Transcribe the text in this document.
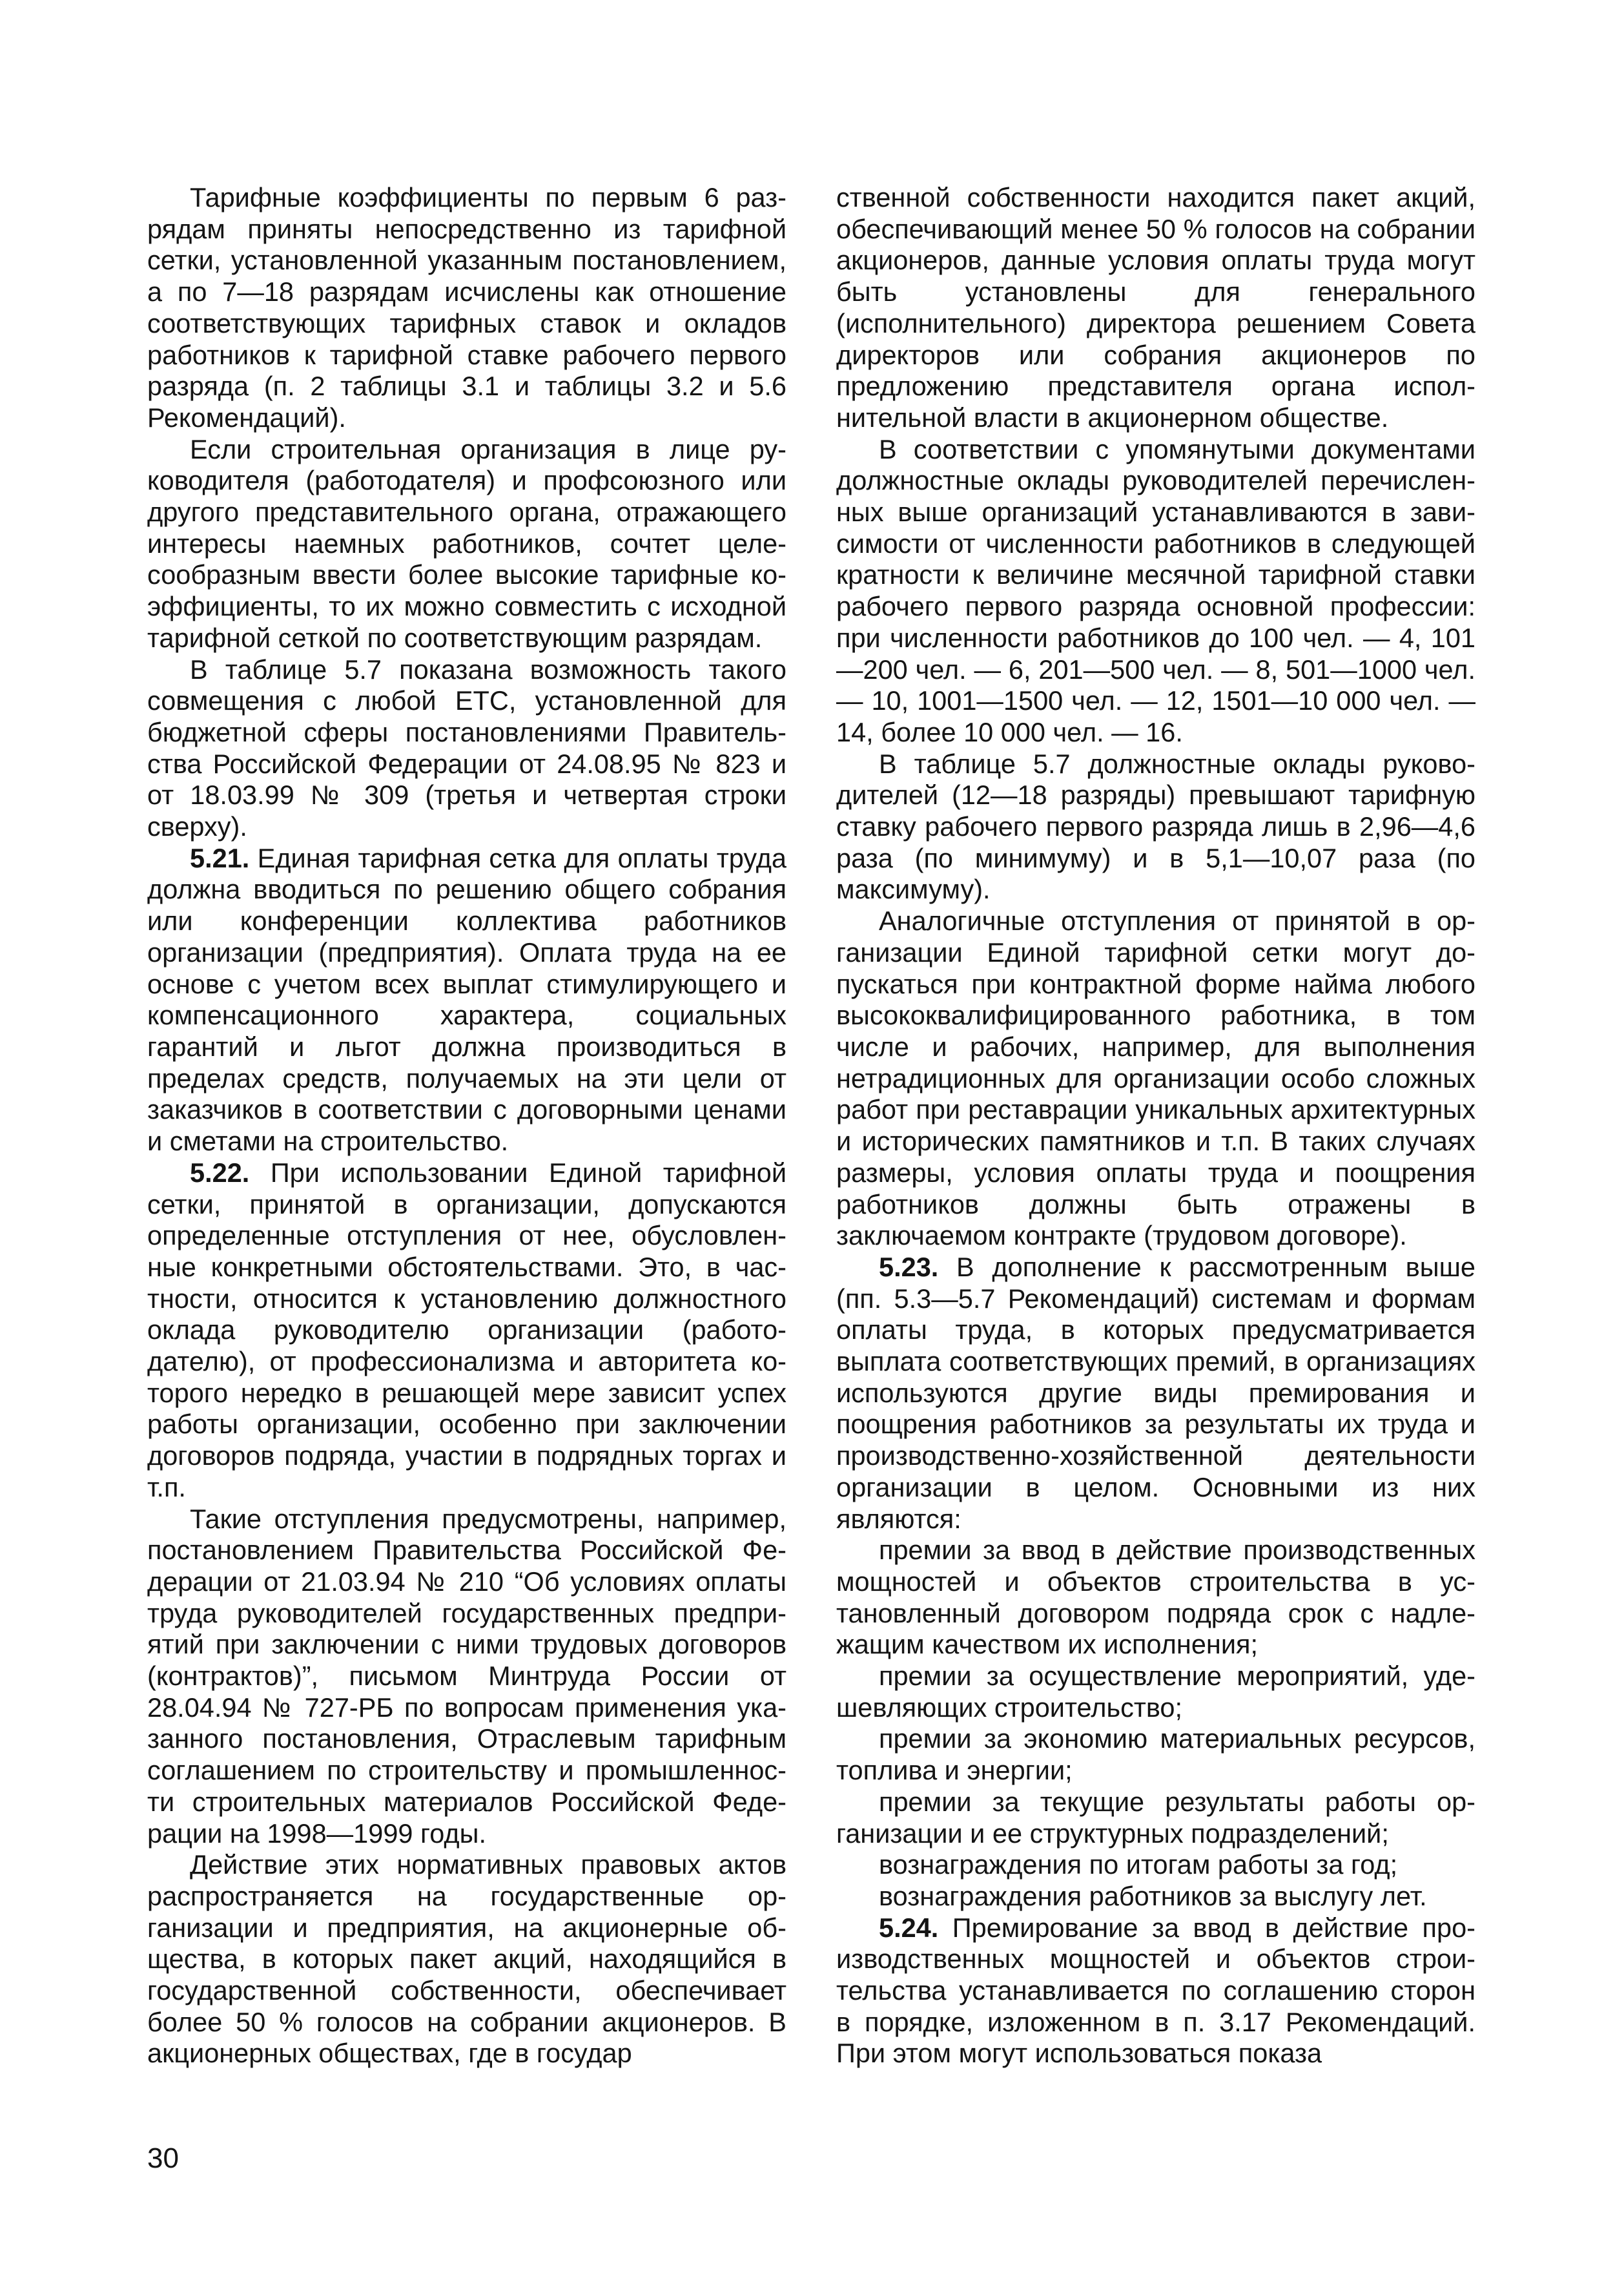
Тарифные коэффициенты по первым 6 разрядам приняты непосредственно из тарифной сетки, установленной указанным постановлением, а по 7—18 разрядам исчислены как отношение соответствующих тарифных ставок и окладов работников к тарифной ставке рабочего первого разряда (п. 2 таблицы 3.1 и таблицы 3.2 и 5.6 Рекомендаций).

Если строительная организация в лице руководителя (работодателя) и профсоюзного или другого представительного органа, отражающего интересы наемных работников, сочтет целесообразным ввести более высокие тарифные коэффициенты, то их можно совместить с исходной тарифной сеткой по соответствующим разрядам.

В таблице 5.7 показана возможность такого совмещения с любой ЕТС, установленной для бюджетной сферы постановлениями Правительства Российской Федерации от 24.08.95 № 823 и от 18.03.99 № 309 (третья и четвертая строки сверху).

5.21. Единая тарифная сетка для оплаты труда должна вводиться по решению общего собрания или конференции коллектива работников организации (предприятия). Оплата труда на ее основе с учетом всех выплат стимулирующего и компенсационного характера, социальных гарантий и льгот должна производиться в пределах средств, получаемых на эти цели от заказчиков в соответствии с договорными ценами и сметами на строительство.

5.22. При использовании Единой тарифной сетки, принятой в организации, допускаются определенные отступления от нее, обусловленные конкретными обстоятельствами. Это, в частности, относится к установлению должностного оклада руководителю организации (работодателю), от профессионализма и авторитета которого нередко в решающей мере зависит успех работы организации, особенно при заключении договоров подряда, участии в подрядных торгах и т.п.

Такие отступления предусмотрены, например, постановлением Правительства Российской Федерации от 21.03.94 № 210 “Об условиях оплаты труда руководителей государственных предприятий при заключении с ними трудовых договоров (контрактов)”, письмом Минтруда России от 28.04.94 № 727-РБ по вопросам применения указанного постановления, Отраслевым тарифным соглашением по строительству и промышленности строительных материалов Российской Федерации на 1998—1999 годы.

Действие этих нормативных правовых актов распространяется на государственные организации и предприятия, на акционерные общества, в которых пакет акций, находящийся в государственной собственности, обеспечивает более 50 % голосов на собрании акционеров. В акционерных обществах, где в государ

ственной собственности находится пакет акций, обеспечивающий менее 50 % голосов на собрании акционеров, данные условия оплаты труда могут быть установлены для генерального (исполнительного) директора решением Совета директоров или собрания акционеров по предложению представителя органа исполнительной власти в акционерном обществе.

В соответствии с упомянутыми документами должностные оклады руководителей перечисленных выше организаций устанавливаются в зависимости от численности работников в следующей кратности к величине месячной тарифной ставки рабочего первого разряда основной профессии: при численности работников до 100 чел. — 4, 101—200 чел. — 6, 201—500 чел. — 8, 501—1000 чел. — 10, 1001—1500 чел. — 12, 1501—10 000 чел. — 14, более 10 000 чел. — 16.

В таблице 5.7 должностные оклады руководителей (12—18 разряды) превышают тарифную ставку рабочего первого разряда лишь в 2,96—4,6 раза (по минимуму) и в 5,1—10,07 раза (по максимуму).

Аналогичные отступления от принятой в организации Единой тарифной сетки могут допускаться при контрактной форме найма любого высококвалифицированного работника, в том числе и рабочих, например, для выполнения нетрадиционных для организации особо сложных работ при реставрации уникальных архитектурных и исторических памятников и т.п. В таких случаях размеры, условия оплаты труда и поощрения работников должны быть отражены в заключаемом контракте (трудовом договоре).

5.23. В дополнение к рассмотренным выше (пп. 5.3—5.7 Рекомендаций) системам и формам оплаты труда, в которых предусматривается выплата соответствующих премий, в организациях используются другие виды премирования и поощрения работников за результаты их труда и производственно-хозяйственной деятельности организации в целом. Основными из них являются:

премии за ввод в действие производственных мощностей и объектов строительства в установленный договором подряда срок с надлежащим качеством их исполнения;

премии за осуществление мероприятий, удешевляющих строительство;

премии за экономию материальных ресурсов, топлива и энергии;

премии за текущие результаты работы организации и ее структурных подразделений;

вознаграждения по итогам работы за год;

вознаграждения работников за выслугу лет.

5.24. Премирование за ввод в действие производственных мощностей и объектов строительства устанавливается по соглашению сторон в порядке, изложенном в п. 3.17 Рекомендаций. При этом могут использоваться показа

30
